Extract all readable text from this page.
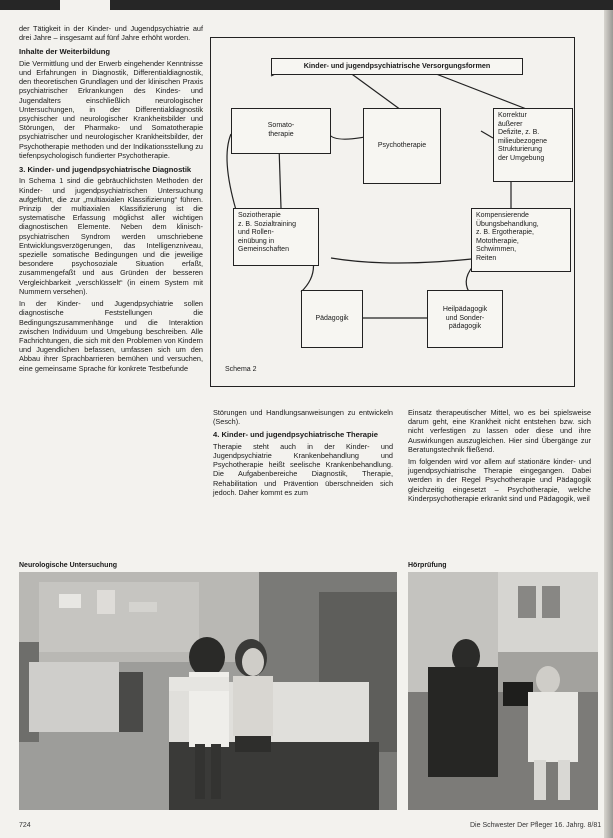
der Tätigkeit in der Kinder- und Jugendpsychiatrie auf drei Jahre – insgesamt auf fünf Jahre erhöht worden.

Inhalte der Weiterbildung

Die Vermittlung und der Erwerb eingehender Kenntnisse und Erfahrungen in Diagnostik, Differentialdiagnostik, den theoretischen Grundlagen und der klinischen Praxis psychiatrischer Erkrankungen des Kindes- und Jugendalters einschließlich neurologischer Untersuchungen, in der Differentialdiagnostik psychischer und neurologischer Krankheitsbilder und Störungen, der Pharmako- und Somatotherapie psychiatrischer und neurologischer Krankheitsbilder, der Psychotherapie methoden und der Indikationsstellung zu tiefenpsychologisch fundierter Psychotherapie.

3. Kinder- und jugendpsychiatrische Diagnostik

In Schema 1 sind die gebräuchlichsten Methoden der Kinder- und jugendpsychiatrischen Untersuchung aufgeführt, die zur „multiaxialen Klassifizierung“ führen. Prinzip der multiaxialen Klassifizierung ist die systematische Erfassung möglichst aller wichtigen diagnostischen Elemente. Neben dem klinisch-psychiatrischen Syndrom werden umschriebene Entwicklungsverzögerungen, das Intelligenzniveau, spezielle somatische Bedingungen und die jeweilige besondere psychosoziale Situation erfaßt, zusammengefaßt und aus Gründen der besseren Vergleichbarkeit „verschlüsselt“ (in einem System mit Nummern versehen).

In der Kinder- und Jugendpsychiatrie sollen diagnostische Feststellungen die Bedingungszusammenhänge und die Interaktion zwischen Individuum und Umgebung beschreiben. Alle Fachrichtungen, die sich mit den Problemen von Kindern und Jugendlichen befassen, umfassen sich um den Abbau ihrer Sprachbarrieren bemühen und versuchen, eine gemeinsame Sprache für konkrete Testbefunde

Kinder- und jugendpsychiatrische Versorgungsformen
Somato-
therapie
Psychotherapie
Korrektur
äußerer
Defizite, z. B.
milieubezogene
Strukturierung
der Umgebung
Soziotherapie
z. B. Sozialtraining
und Rollen-
einübung in
Gemeinschaften
Kompensierende
Übungsbehandlung,
z. B. Ergotherapie,
Mototherapie,
Schwimmen,
Reiten
Pädagogik
Heilpädagogik
und Sonder-
pädagogik
Schema 2

Störungen und Handlungsanweisungen zu entwickeln (Sesch).

4. Kinder- und jugendpsychiatrische Therapie

Therapie steht auch in der Kinder- und Jugendpsychiatrie Krankenbehandlung und Psychotherapie heißt seelische Krankenbehandlung. Die Aufgabenbereiche Diagnostik, Therapie, Rehabilitation und Prävention überschneiden sich jedoch. Daher kommt es zum

Einsatz therapeutischer Mittel, wo es bei spielsweise darum geht, eine Krankheit nicht entstehen bzw. sich nicht verfestigen zu lassen oder diese und ihre Auswirkungen auszugleichen. Hier sind Übergänge zur Beratungstechnik fließend.

Im folgenden wird vor allem auf stationäre kinder- und jugendpsychiatrische Therapie eingegangen. Dabei werden in der Regel Psychotherapie und Pädagogik gleichzeitig eingesetzt – Psychotherapie, welche Kinderpsychotherapie erkrankt sind und Pädagogik, weil

Neurologische Untersuchung	Hörprüfung
724	Die Schwester Der Pfleger 16. Jahrg. 8/81
